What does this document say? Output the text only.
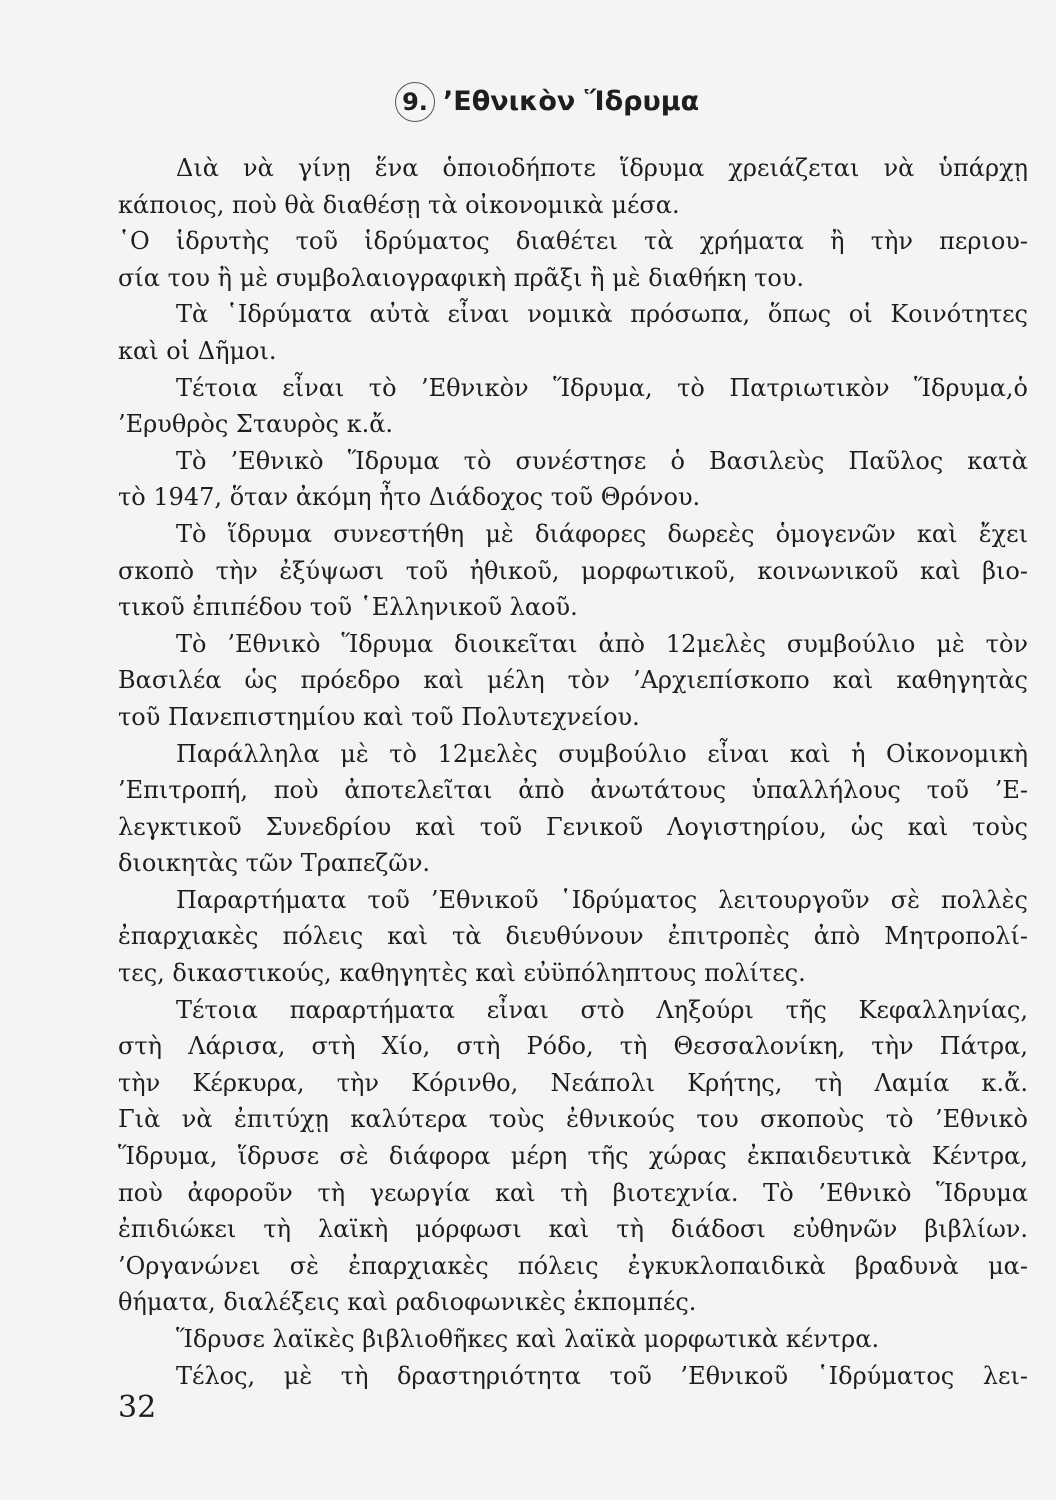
9. ’Εθνικὸν Ἵδρυμα
Διὰ νὰ γίνῃ ἕνα ὁποιοδήποτε ἵδρυμα χρειάζεται νὰ ὑπάρχῃ
κάποιος, ποὺ θὰ διαθέσῃ τὰ οἰκονομικὰ μέσα.
῾Ο ἱδρυτὴς τοῦ ἱδρύματος διαθέτει τὰ χρήματα ἢ τὴν περιου-
σία του ἢ μὲ συμβολαιογραφικὴ πρᾶξι ἢ μὲ διαθήκη του.
Τὰ ῾Ιδρύματα αὐτὰ εἶναι νομικὰ πρόσωπα, ὅπως οἱ Κοινότητες
καὶ οἱ Δῆμοι.
Τέτοια εἶναι τὸ ’Εθνικὸν Ἵδρυμα, τὸ Πατριωτικὸν Ἵδρυμα,ὁ
’Ερυθρὸς Σταυρὸς κ.ἄ.
Τὸ ’Εθνικὸ Ἵδρυμα τὸ συνέστησε ὁ Βασιλεὺς Παῦλος κατὰ
τὸ 1947, ὅταν ἀκόμη ἦτο Διάδοχος τοῦ Θρόνου.
Τὸ ἵδρυμα συνεστήθη μὲ διάφορες δωρεὲς ὁμογενῶν καὶ ἔχει
σκοπὸ τὴν ἐξύψωσι τοῦ ἠθικοῦ, μορφωτικοῦ, κοινωνικοῦ καὶ βιο-
τικοῦ ἐπιπέδου τοῦ ῾Ελληνικοῦ λαοῦ.
Τὸ ’Εθνικὸ Ἵδρυμα διοικεῖται ἀπὸ 12μελὲς συμβούλιο μὲ τὸν
Βασιλέα ὡς πρόεδρο καὶ μέλη τὸν ’Αρχιεπίσκοπο καὶ καθηγητὰς
τοῦ Πανεπιστημίου καὶ τοῦ Πολυτεχνείου.
Παράλληλα μὲ τὸ 12μελὲς συμβούλιο εἶναι καὶ ἡ Οἰκονομικὴ
’Επιτροπή, ποὺ ἀποτελεῖται ἀπὸ ἀνωτάτους ὑπαλλήλους τοῦ ’Ε-
λεγκτικοῦ Συνεδρίου καὶ τοῦ Γενικοῦ Λογιστηρίου, ὡς καὶ τοὺς
διοικητὰς τῶν Τραπεζῶν.
Παραρτήματα τοῦ ’Εθνικοῦ ῾Ιδρύματος λειτουργοῦν σὲ πολλὲς
ἐπαρχιακὲς πόλεις καὶ τὰ διευθύνουν ἐπιτροπὲς ἀπὸ Μητροπολί-
τες, δικαστικούς, καθηγητὲς καὶ εὐϋπόληπτους πολίτες.
Τέτοια παραρτήματα εἶναι στὸ Ληξούρι τῆς Κεφαλληνίας,
στὴ Λάρισα, στὴ Χίο, στὴ Ρόδο, τὴ Θεσσαλονίκη, τὴν Πάτρα,
τὴν Κέρκυρα, τὴν Κόρινθο, Νεάπολι Κρήτης, τὴ Λαμία κ.ἄ.
Γιὰ νὰ ἐπιτύχῃ καλύτερα τοὺς ἐθνικούς του σκοποὺς τὸ ’Εθνικὸ
Ἵδρυμα, ἵδρυσε σὲ διάφορα μέρη τῆς χώρας ἐκπαιδευτικὰ Κέντρα,
ποὺ ἀφοροῦν τὴ γεωργία καὶ τὴ βιοτεχνία. Τὸ ’Εθνικὸ Ἵδρυμα
ἐπιδιώκει τὴ λαϊκὴ μόρφωσι καὶ τὴ διάδοσι εὐθηνῶν βιβλίων.
’Οργανώνει σὲ ἐπαρχιακὲς πόλεις ἐγκυκλοπαιδικὰ βραδυνὰ μα-
θήματα, διαλέξεις καὶ ραδιοφωνικὲς ἐκπομπές.
Ἵδρυσε λαϊκὲς βιβλιοθῆκες καὶ λαϊκὰ μορφωτικὰ κέντρα.
Τέλος, μὲ τὴ δραστηριότητα τοῦ ’Εθνικοῦ ῾Ιδρύματος λει-
32
